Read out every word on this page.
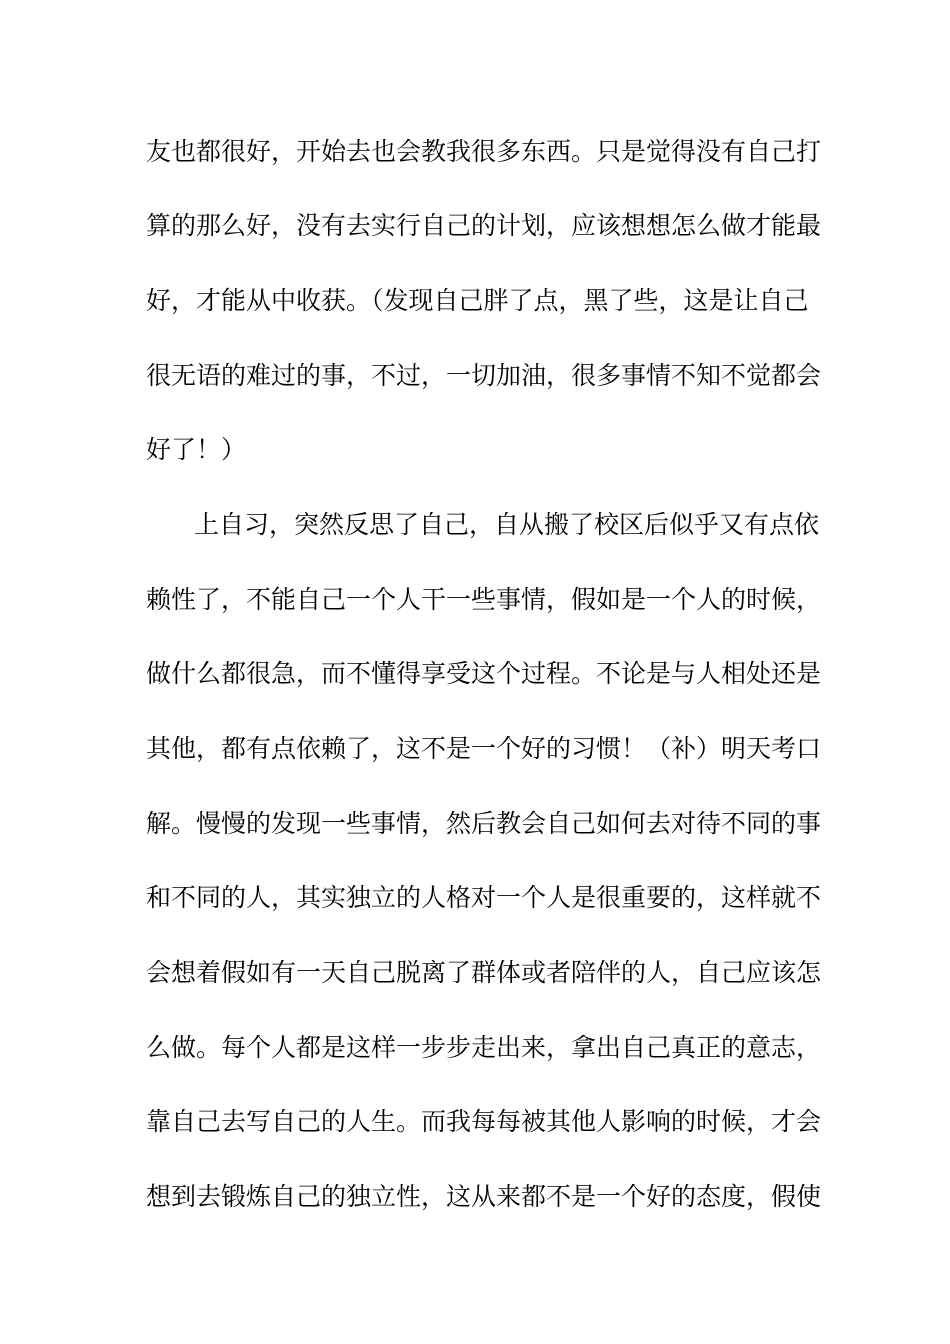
友也都很好，开始去也会教我很多东西。只是觉得没有自己打
算的那么好，没有去实行自己的计划，应该想想怎么做才能最
好，才能从中收获。（发现自己胖了点，黑了些，这是让自己
很无语的难过的事，不过，一切加油，很多事情不知不觉都会
好了！）
上自习，突然反思了自己，自从搬了校区后似乎又有点依
赖性了，不能自己一个人干一些事情，假如是一个人的时候，
做什么都很急，而不懂得享受这个过程。不论是与人相处还是
其他，都有点依赖了，这不是一个好的习惯！（补）明天考口
解。慢慢的发现一些事情，然后教会自己如何去对待不同的事
和不同的人，其实独立的人格对一个人是很重要的，这样就不
会想着假如有一天自己脱离了群体或者陪伴的人，自己应该怎
么做。每个人都是这样一步步走出来，拿出自己真正的意志，
靠自己去写自己的人生。而我每每被其他人影响的时候，才会
想到去锻炼自己的独立性，这从来都不是一个好的态度，假使
